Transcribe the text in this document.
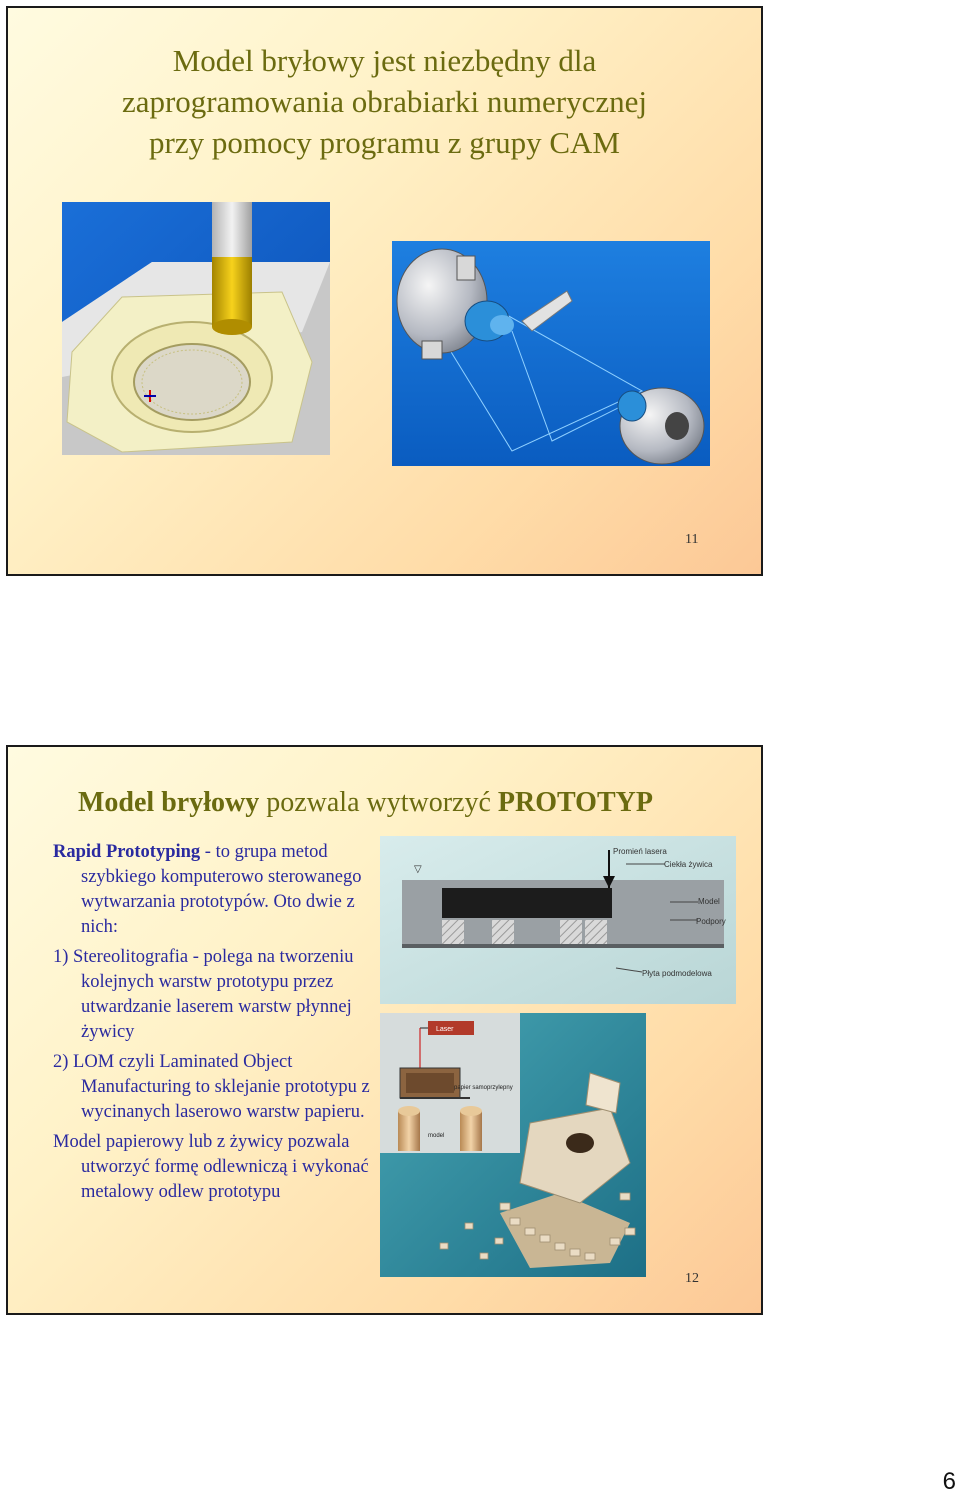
Model bryłowy jest niezbędny dla
zaprogramowania obrabiarki numerycznej
przy pomocy programu z grupy CAM
11
Model bryłowy pozwala wytworzyć PROTOTYP
Rapid Prototyping - to grupa metod szybkiego komputerowo sterowanego wytwarzania prototypów. Oto dwie z nich:
1) Stereolitografia - polega na tworzeniu kolejnych warstw prototypu przez utwardzanie laserem warstw płynnej żywicy
2) LOM czyli Laminated Object Manufacturing to sklejanie prototypu z wycinanych laserowo warstw papieru.
Model papierowy lub z żywicy pozwala utworzyć formę odlewniczą i wykonać metalowy odlew prototypu
Promień lasera
Ciekła żywica
Model
Podpory
Płyta podmodelowa
▽
Laser
papier samoprzylepny
model
12
6
